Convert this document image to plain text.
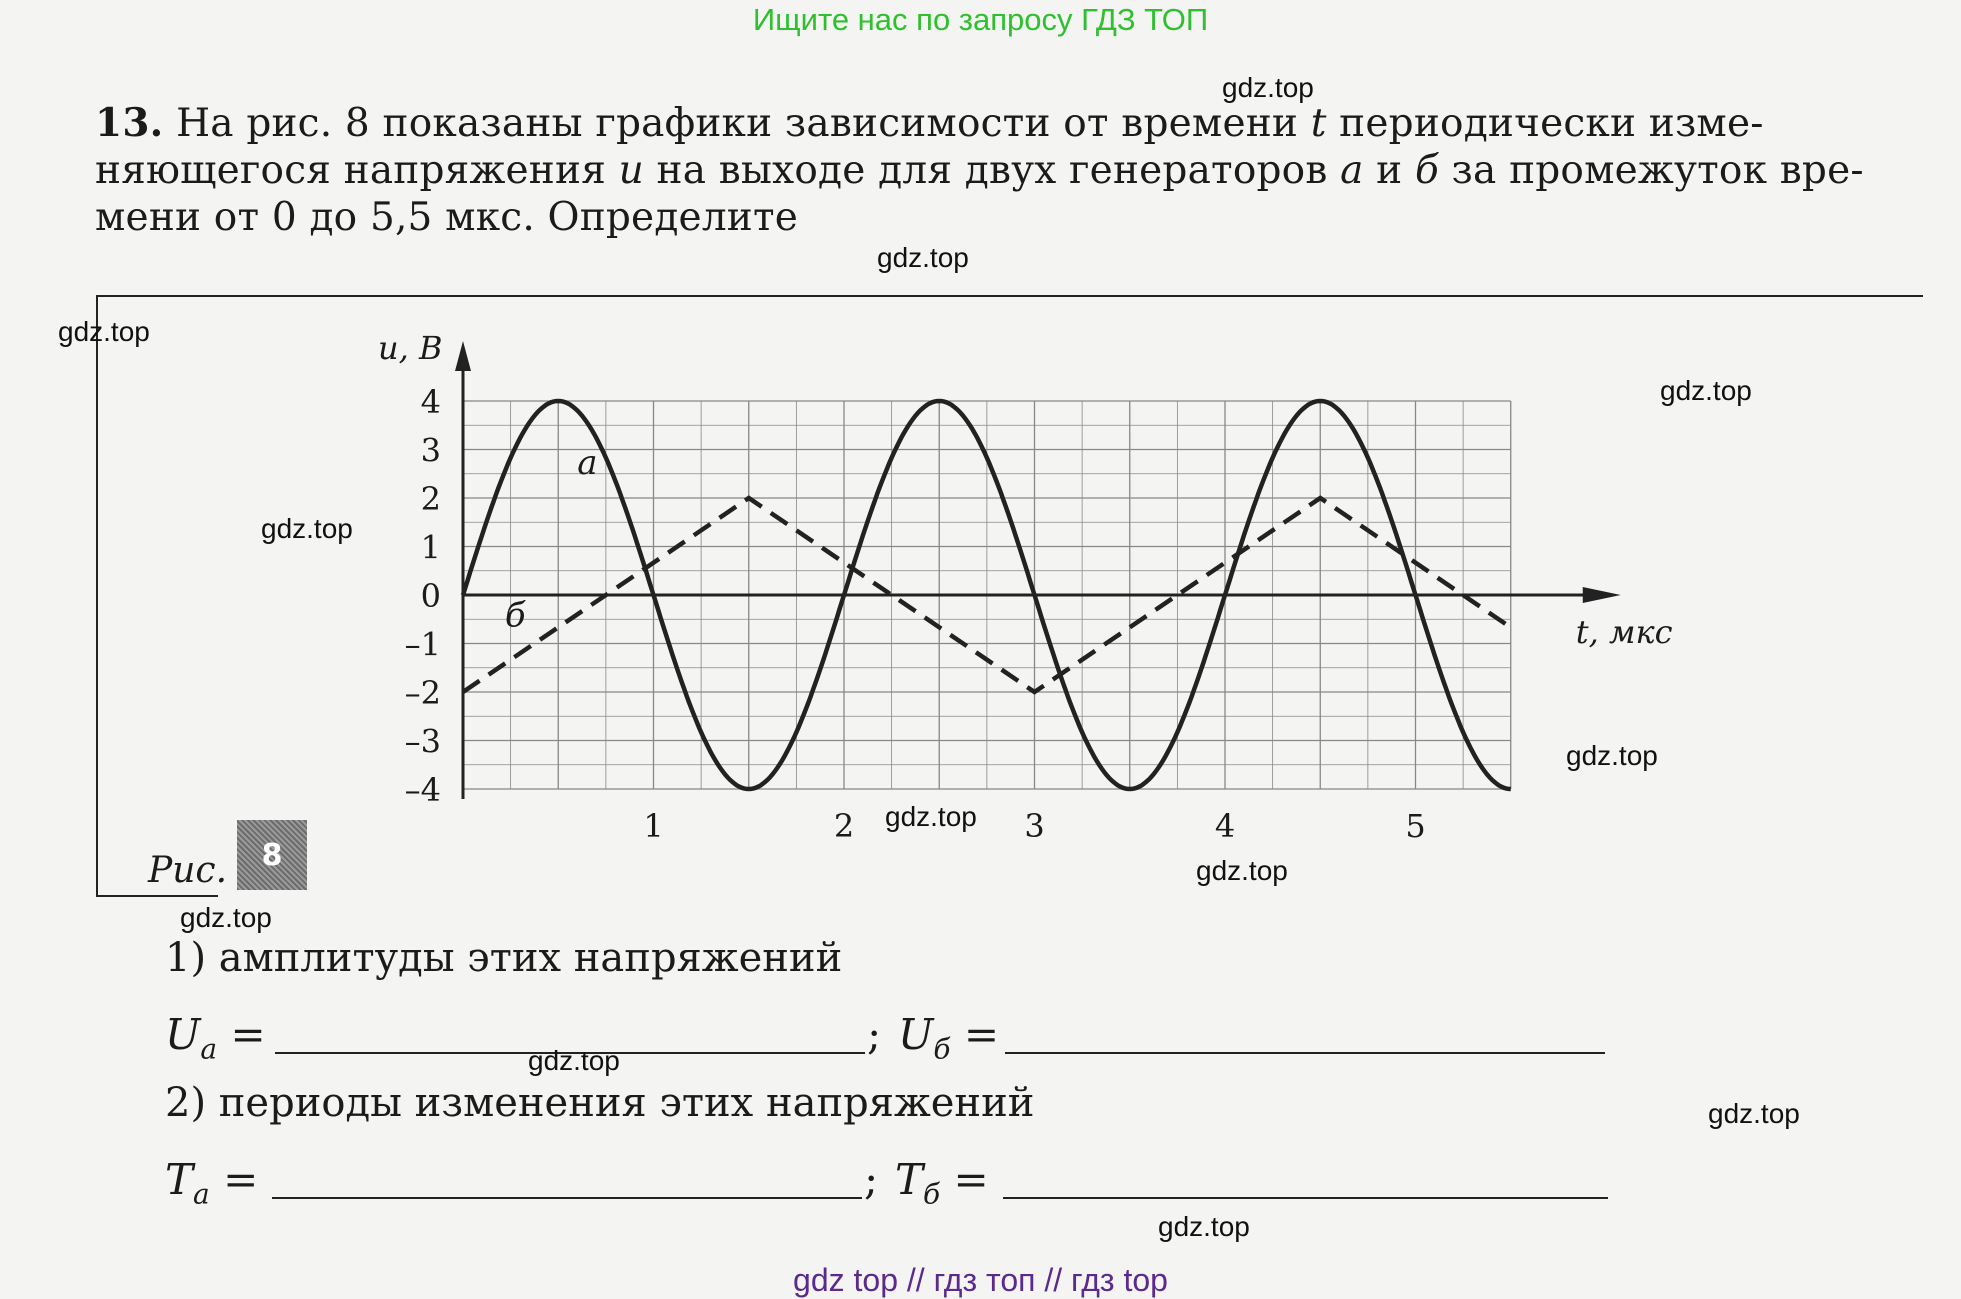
Ищите нас по запросу ГДЗ ТОП
13. На рис. 8 показаны графики зависимости от времени t периодически изме-
няющегося напряжения u на выходе для двух генераторов а и б за промежуток вре-
мени от 0 до 5,5 мкс. Определите
4
3
2
1
0
–1
–2
–3
–4
1	2	3	4	5
u, В
t, мкс
а
б
Рис.	8
1) амплитуды этих напряжений
$U_а$ =	; $U_б$ =
2) периоды изменения этих напряжений
$T_а$ =	; $T_б$ =
gdz.top
gdz.top
gdz.top
gdz.top
gdz.top
gdz.top
gdz.top
gdz.top
gdz.top
gdz.top
gdz.top
gdz.top
gdz top // гдз топ // гдз top
